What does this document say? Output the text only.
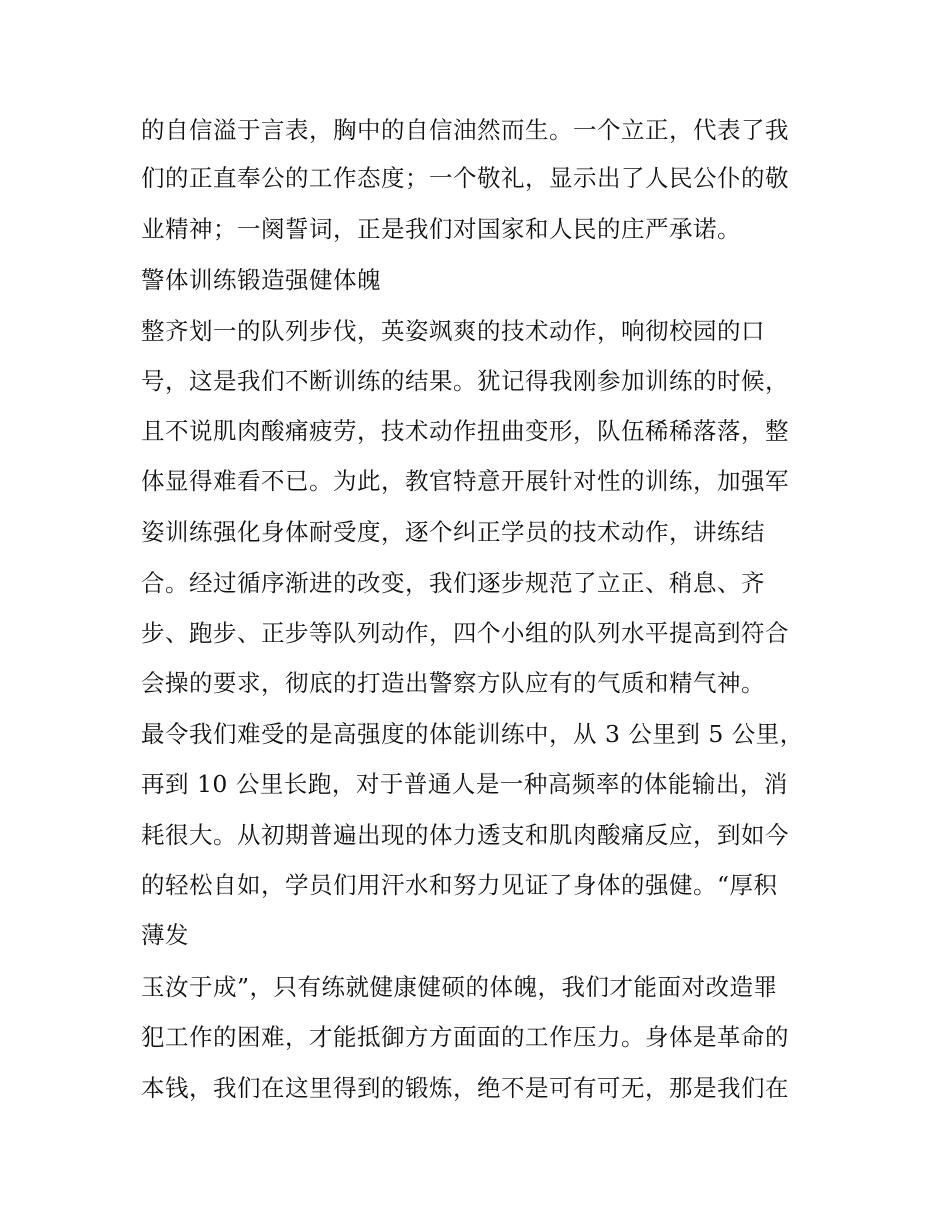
的自信溢于言表，胸中的自信油然而生。一个立正，代表了我
们的正直奉公的工作态度；一个敬礼，显示出了人民公仆的敬
业精神；一阕誓词，正是我们对国家和人民的庄严承诺。
警体训练锻造强健体魄
整齐划一的队列步伐，英姿飒爽的技术动作，响彻校园的口
号，这是我们不断训练的结果。犹记得我刚参加训练的时候，
且不说肌肉酸痛疲劳，技术动作扭曲变形，队伍稀稀落落，整
体显得难看不已。为此，教官特意开展针对性的训练，加强军
姿训练强化身体耐受度，逐个纠正学员的技术动作，讲练结
合。经过循序渐进的改变，我们逐步规范了立正、稍息、齐
步、跑步、正步等队列动作，四个小组的队列水平提高到符合
会操的要求，彻底的打造出警察方队应有的气质和精气神。
最令我们难受的是高强度的体能训练中，从 3 公里到 5 公里，
再到 10 公里长跑，对于普通人是一种高频率的体能输出，消
耗很大。从初期普遍出现的体力透支和肌肉酸痛反应，到如今
的轻松自如，学员们用汗水和努力见证了身体的强健。“厚积
薄发
玉汝于成”，只有练就健康健硕的体魄，我们才能面对改造罪
犯工作的困难，才能抵御方方面面的工作压力。身体是革命的
本钱，我们在这里得到的锻炼，绝不是可有可无，那是我们在
